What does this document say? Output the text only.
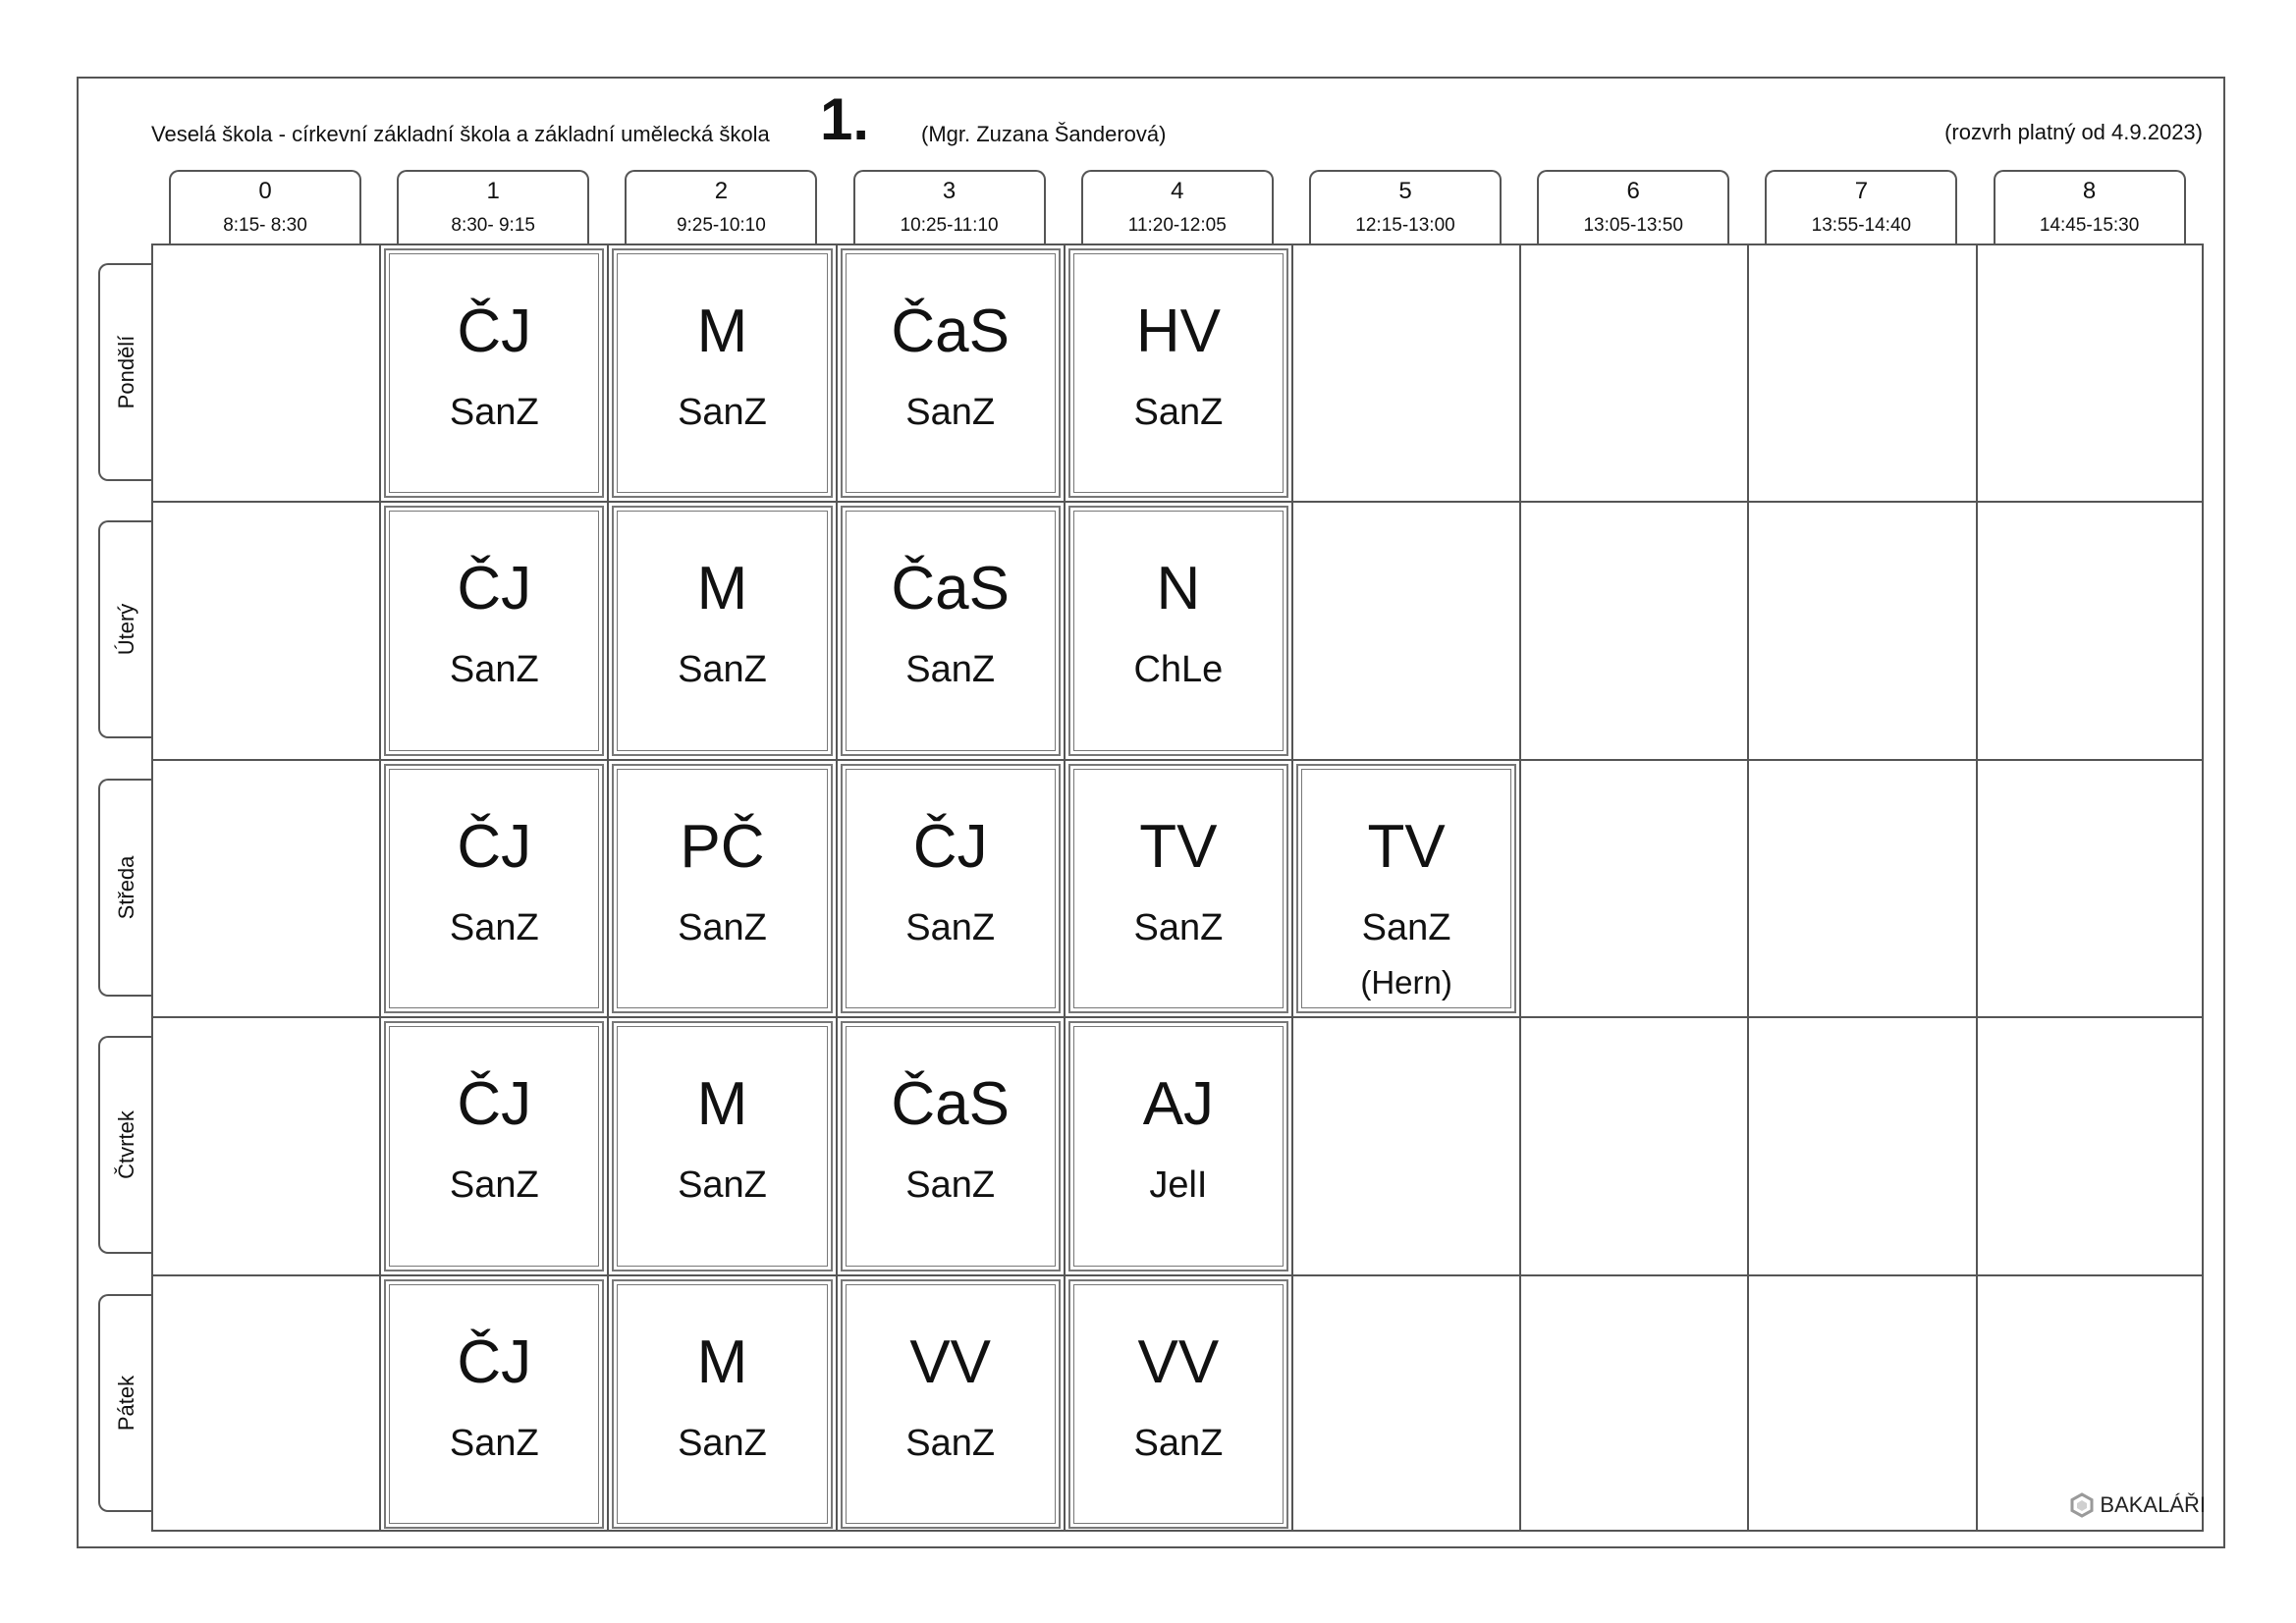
Veselá škola - církevní základní škola a základní umělecká škola 1. (Mgr. Zuzana Šanderová)	(rozvrh platný od 4.9.2023)
0
8:15- 8:30
1
8:30- 9:15
2
9:25-10:10
3
10:25-11:10
4
11:20-12:05
5
12:15-13:00
6
13:05-13:50
7
13:55-14:40
8
14:45-15:30
Pondělí
Úterý
Středa
Čtvrtek
Pátek
ČJ
SanZ
M
SanZ
ČaS
SanZ
HV
SanZ
ČJ
SanZ
M
SanZ
ČaS
SanZ
N
ChLe
ČJ
SanZ
PČ
SanZ
ČJ
SanZ
TV
SanZ
TV
SanZ
(Hern)
ČJ
SanZ
M
SanZ
ČaS
SanZ
AJ
JelI
ČJ
SanZ
M
SanZ
VV
SanZ
VV
SanZ
BAKALÁŘI
